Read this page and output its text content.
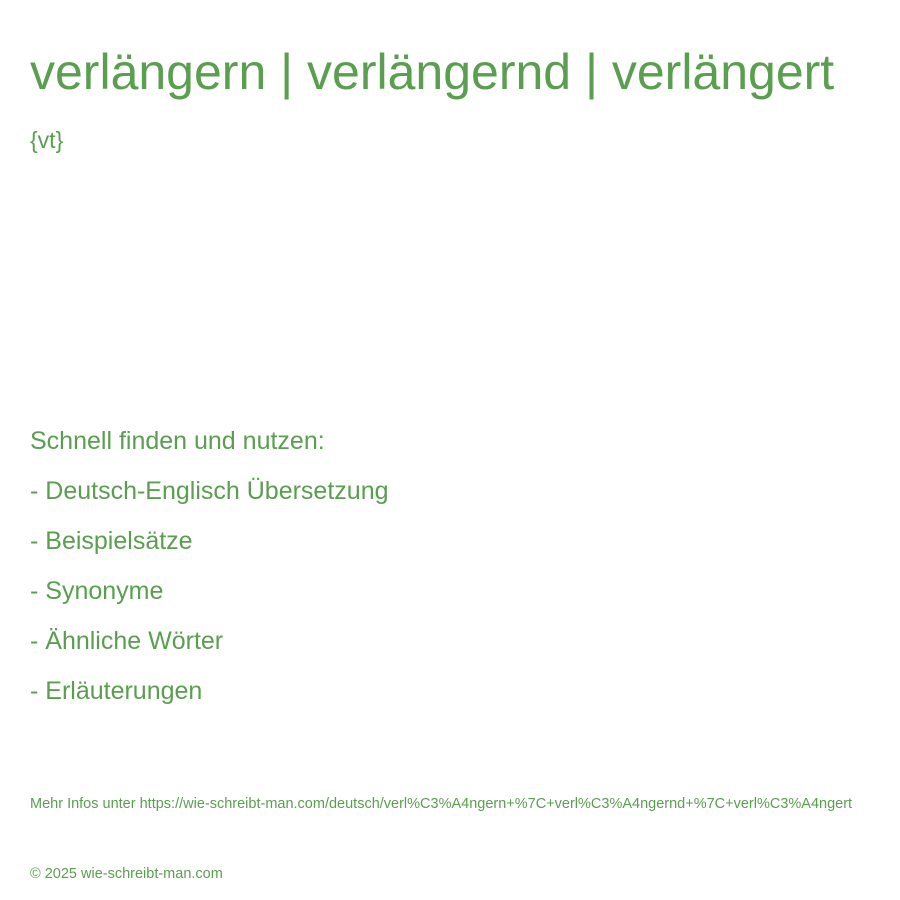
verlängern | verlängernd | verlängert
{vt}

Schnell finden und nutzen:

- Deutsch-Englisch Übersetzung
- Beispielsätze
- Synonyme
- Ähnliche Wörter
- Erläuterungen
Mehr Infos unter https://wie-schreibt-man.com/deutsch/verl%C3%A4ngern+%7C+verl%C3%A4ngernd+%7C+verl%C3%A4ngert
© 2025 wie-schreibt-man.com
